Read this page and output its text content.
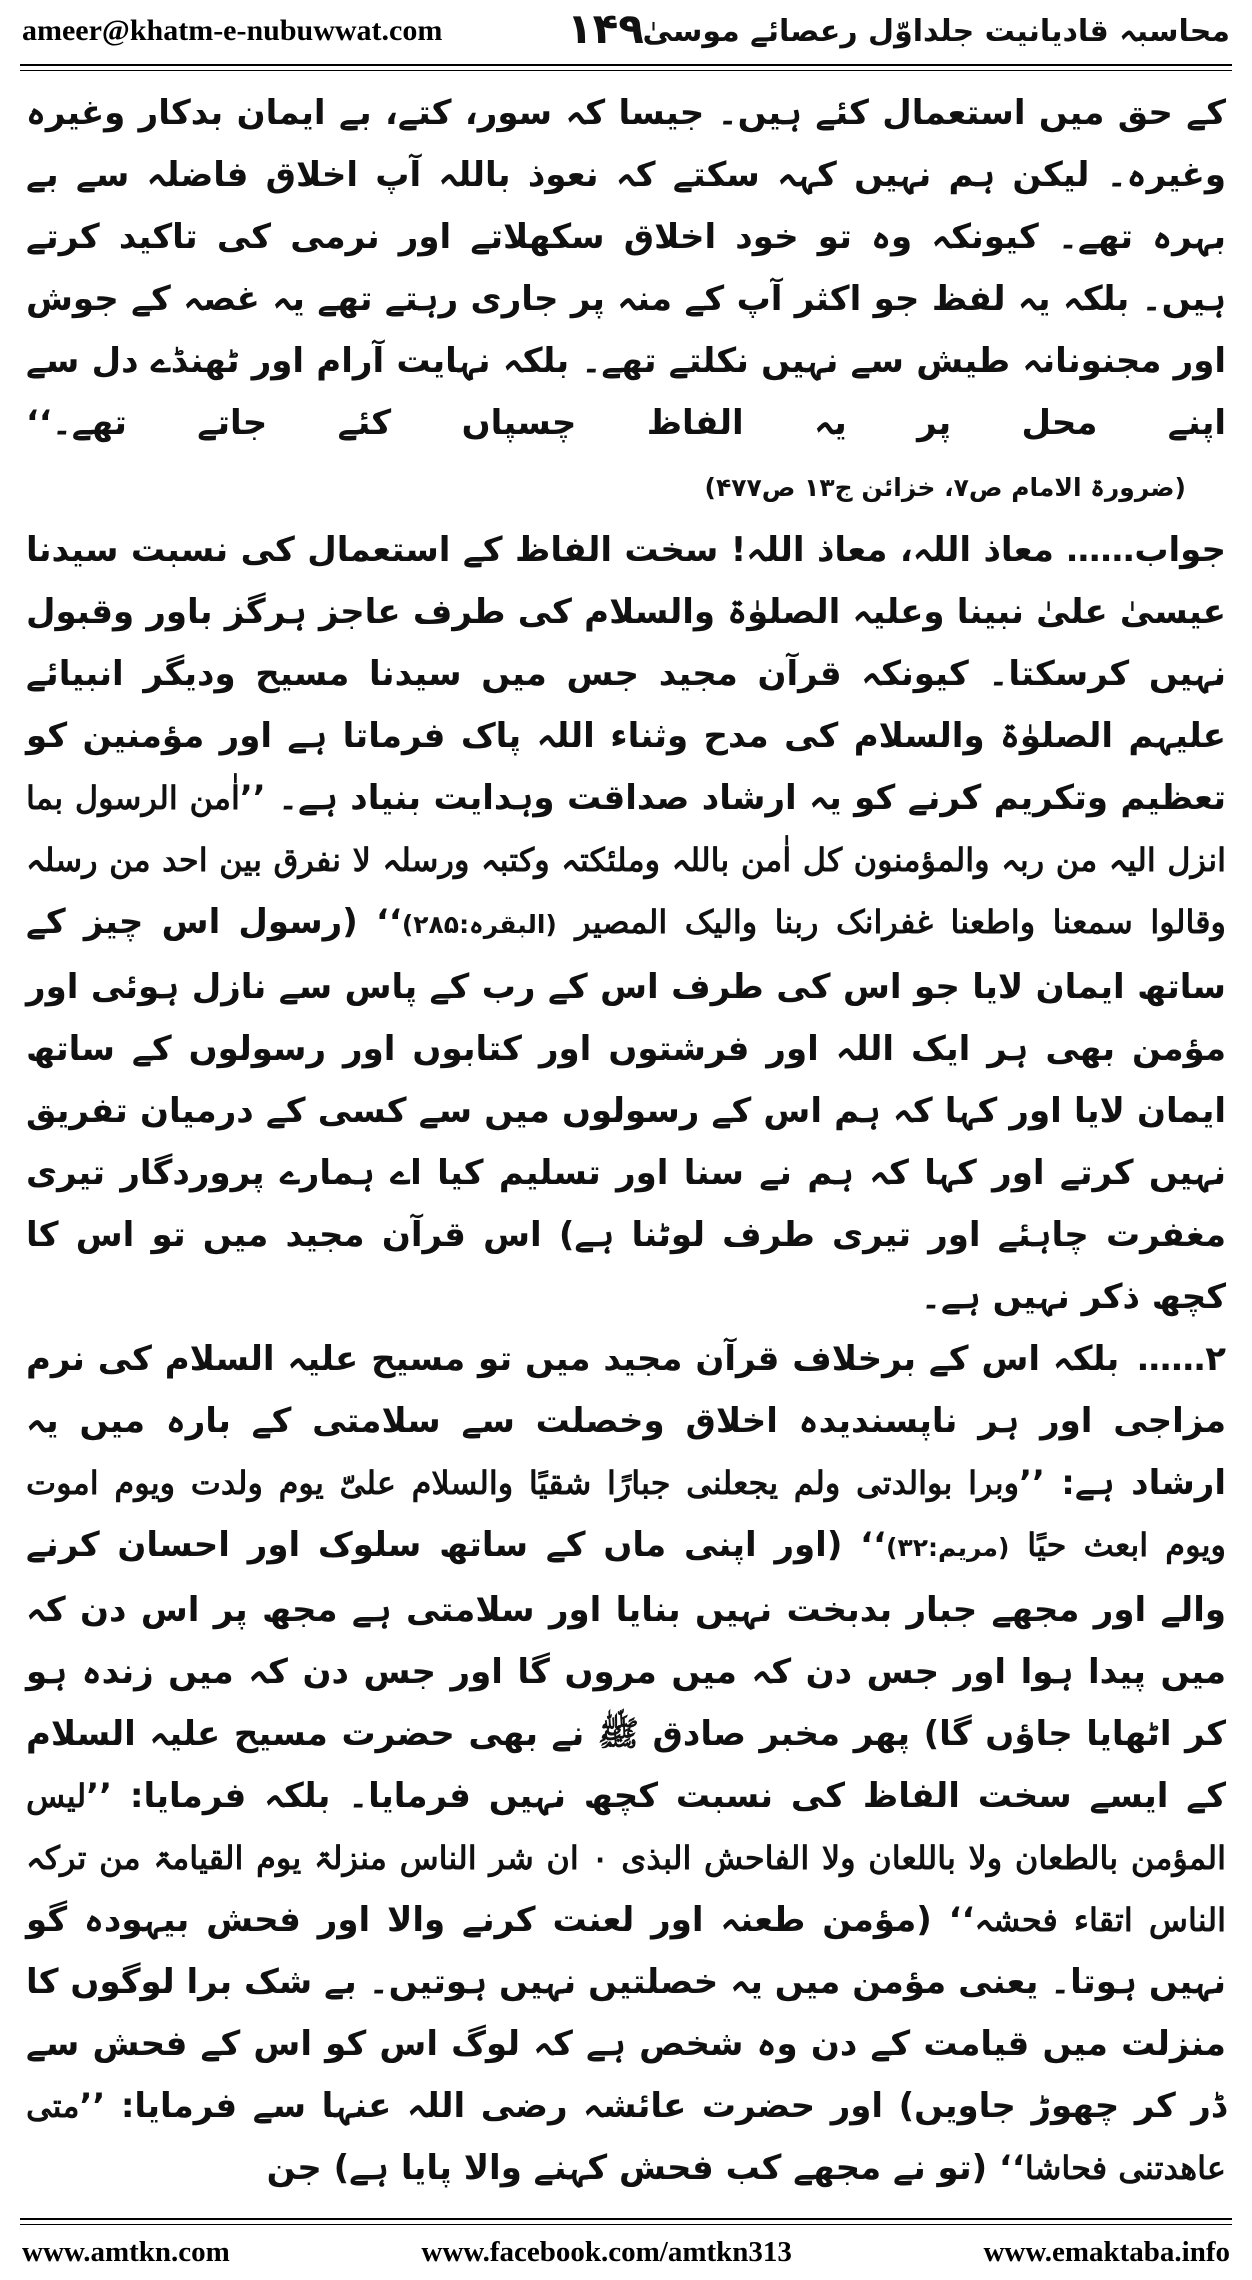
ameer@khatm-e-nubuwwat.com	۱۴۹
محاسبہ قادیانیت جلداوّل رعصائے موسیٰ

کے حق میں استعمال کئے ہیں۔ جیسا کہ سور، کتے، بے ایمان بدکار وغیرہ وغیرہ۔ لیکن ہم نہیں کہہ سکتے کہ نعوذ باللہ آپ اخلاق فاضلہ سے بے بہرہ تھے۔ کیونکہ وہ تو خود اخلاق سکھلاتے اور نرمی کی تاکید کرتے ہیں۔ بلکہ یہ لفظ جو اکثر آپ کے منہ پر جاری رہتے تھے یہ غصہ کے جوش اور مجنونانہ طیش سے نہیں نکلتے تھے۔ بلکہ نہایت آرام اور ٹھنڈے دل سے اپنے محل پر یہ الفاظ چسپاں کئے جاتے تھے۔‘‘ (ضرورۃ الامام ص۷، خزائن ج۱۳ ص۴۷۷)

جواب…… معاذ اللہ، معاذ اللہ! سخت الفاظ کے استعمال کی نسبت سیدنا عیسیٰ علیٰ نبینا وعلیہ الصلوٰۃ والسلام کی طرف عاجز ہرگز باور وقبول نہیں کرسکتا۔ کیونکہ قرآن مجید جس میں سیدنا مسیح ودیگر انبیائے علیہم الصلوٰۃ والسلام کی مدح وثناء اللہ پاک فرماتا ہے اور مؤمنین کو تعظیم وتکریم کرنے کو یہ ارشاد صداقت وہدایت بنیاد ہے۔ ’’اٰمن الرسول بما انزل الیہ من ربہ والمؤمنون کل اٰمن باللہ وملئکتہ وکتبہ ورسلہ لا نفرق بین احد من رسلہ وقالوا سمعنا واطعنا غفرانک ربنا والیک المصیر (البقرہ:۲۸۵)‘‘ (رسول اس چیز کے ساتھ ایمان لایا جو اس کی طرف اس کے رب کے پاس سے نازل ہوئی اور مؤمن بھی ہر ایک اللہ اور فرشتوں اور کتابوں اور رسولوں کے ساتھ ایمان لایا اور کہا کہ ہم اس کے رسولوں میں سے کسی کے درمیان تفریق نہیں کرتے اور کہا کہ ہم نے سنا اور تسلیم کیا اے ہمارے پروردگار تیری مغفرت چاہئے اور تیری طرف لوٹنا ہے) اس قرآن مجید میں تو اس کا کچھ ذکر نہیں ہے۔

۲……بلکہ اس کے برخلاف قرآن مجید میں تو مسیح علیہ السلام کی نرم مزاجی اور ہر ناپسندیدہ اخلاق وخصلت سے سلامتی کے بارہ میں یہ ارشاد ہے: ’’وبرا بوالدتی ولم یجعلنی جبارًا شقیًا والسلام علیّ یوم ولدت ویوم اموت ویوم ابعث حیًا (مریم:۳۲)‘‘ (اور اپنی ماں کے ساتھ سلوک اور احسان کرنے والے اور مجھے جبار بدبخت نہیں بنایا اور سلامتی ہے مجھ پر اس دن کہ میں پیدا ہوا اور جس دن کہ میں مروں گا اور جس دن کہ میں زندہ ہو کر اٹھایا جاؤں گا) پھر مخبر صادق ﷺ نے بھی حضرت مسیح علیہ السلام کے ایسے سخت الفاظ کی نسبت کچھ نہیں فرمایا۔ بلکہ فرمایا: ’’لیس المؤمن بالطعان ولا باللعان ولا الفاحش البذی ۰ ان شر الناس منزلۃ یوم القیامۃ من ترکہ الناس اتقاء فحشہ‘‘ (مؤمن طعنہ اور لعنت کرنے والا اور فحش بیہودہ گو نہیں ہوتا۔ یعنی مؤمن میں یہ خصلتیں نہیں ہوتیں۔ بے شک برا لوگوں کا منزلت میں قیامت کے دن وہ شخص ہے کہ لوگ اس کو اس کے فحش سے ڈر کر چھوڑ جاویں) اور حضرت عائشہ رضی اللہ عنہا سے فرمایا: ’’متی عاھدتنی فحاشا‘‘ (تو نے مجھے کب فحش کہنے والا پایا ہے) جن

www.amtkn.com	www.facebook.com/amtkn313	www.emaktaba.info
